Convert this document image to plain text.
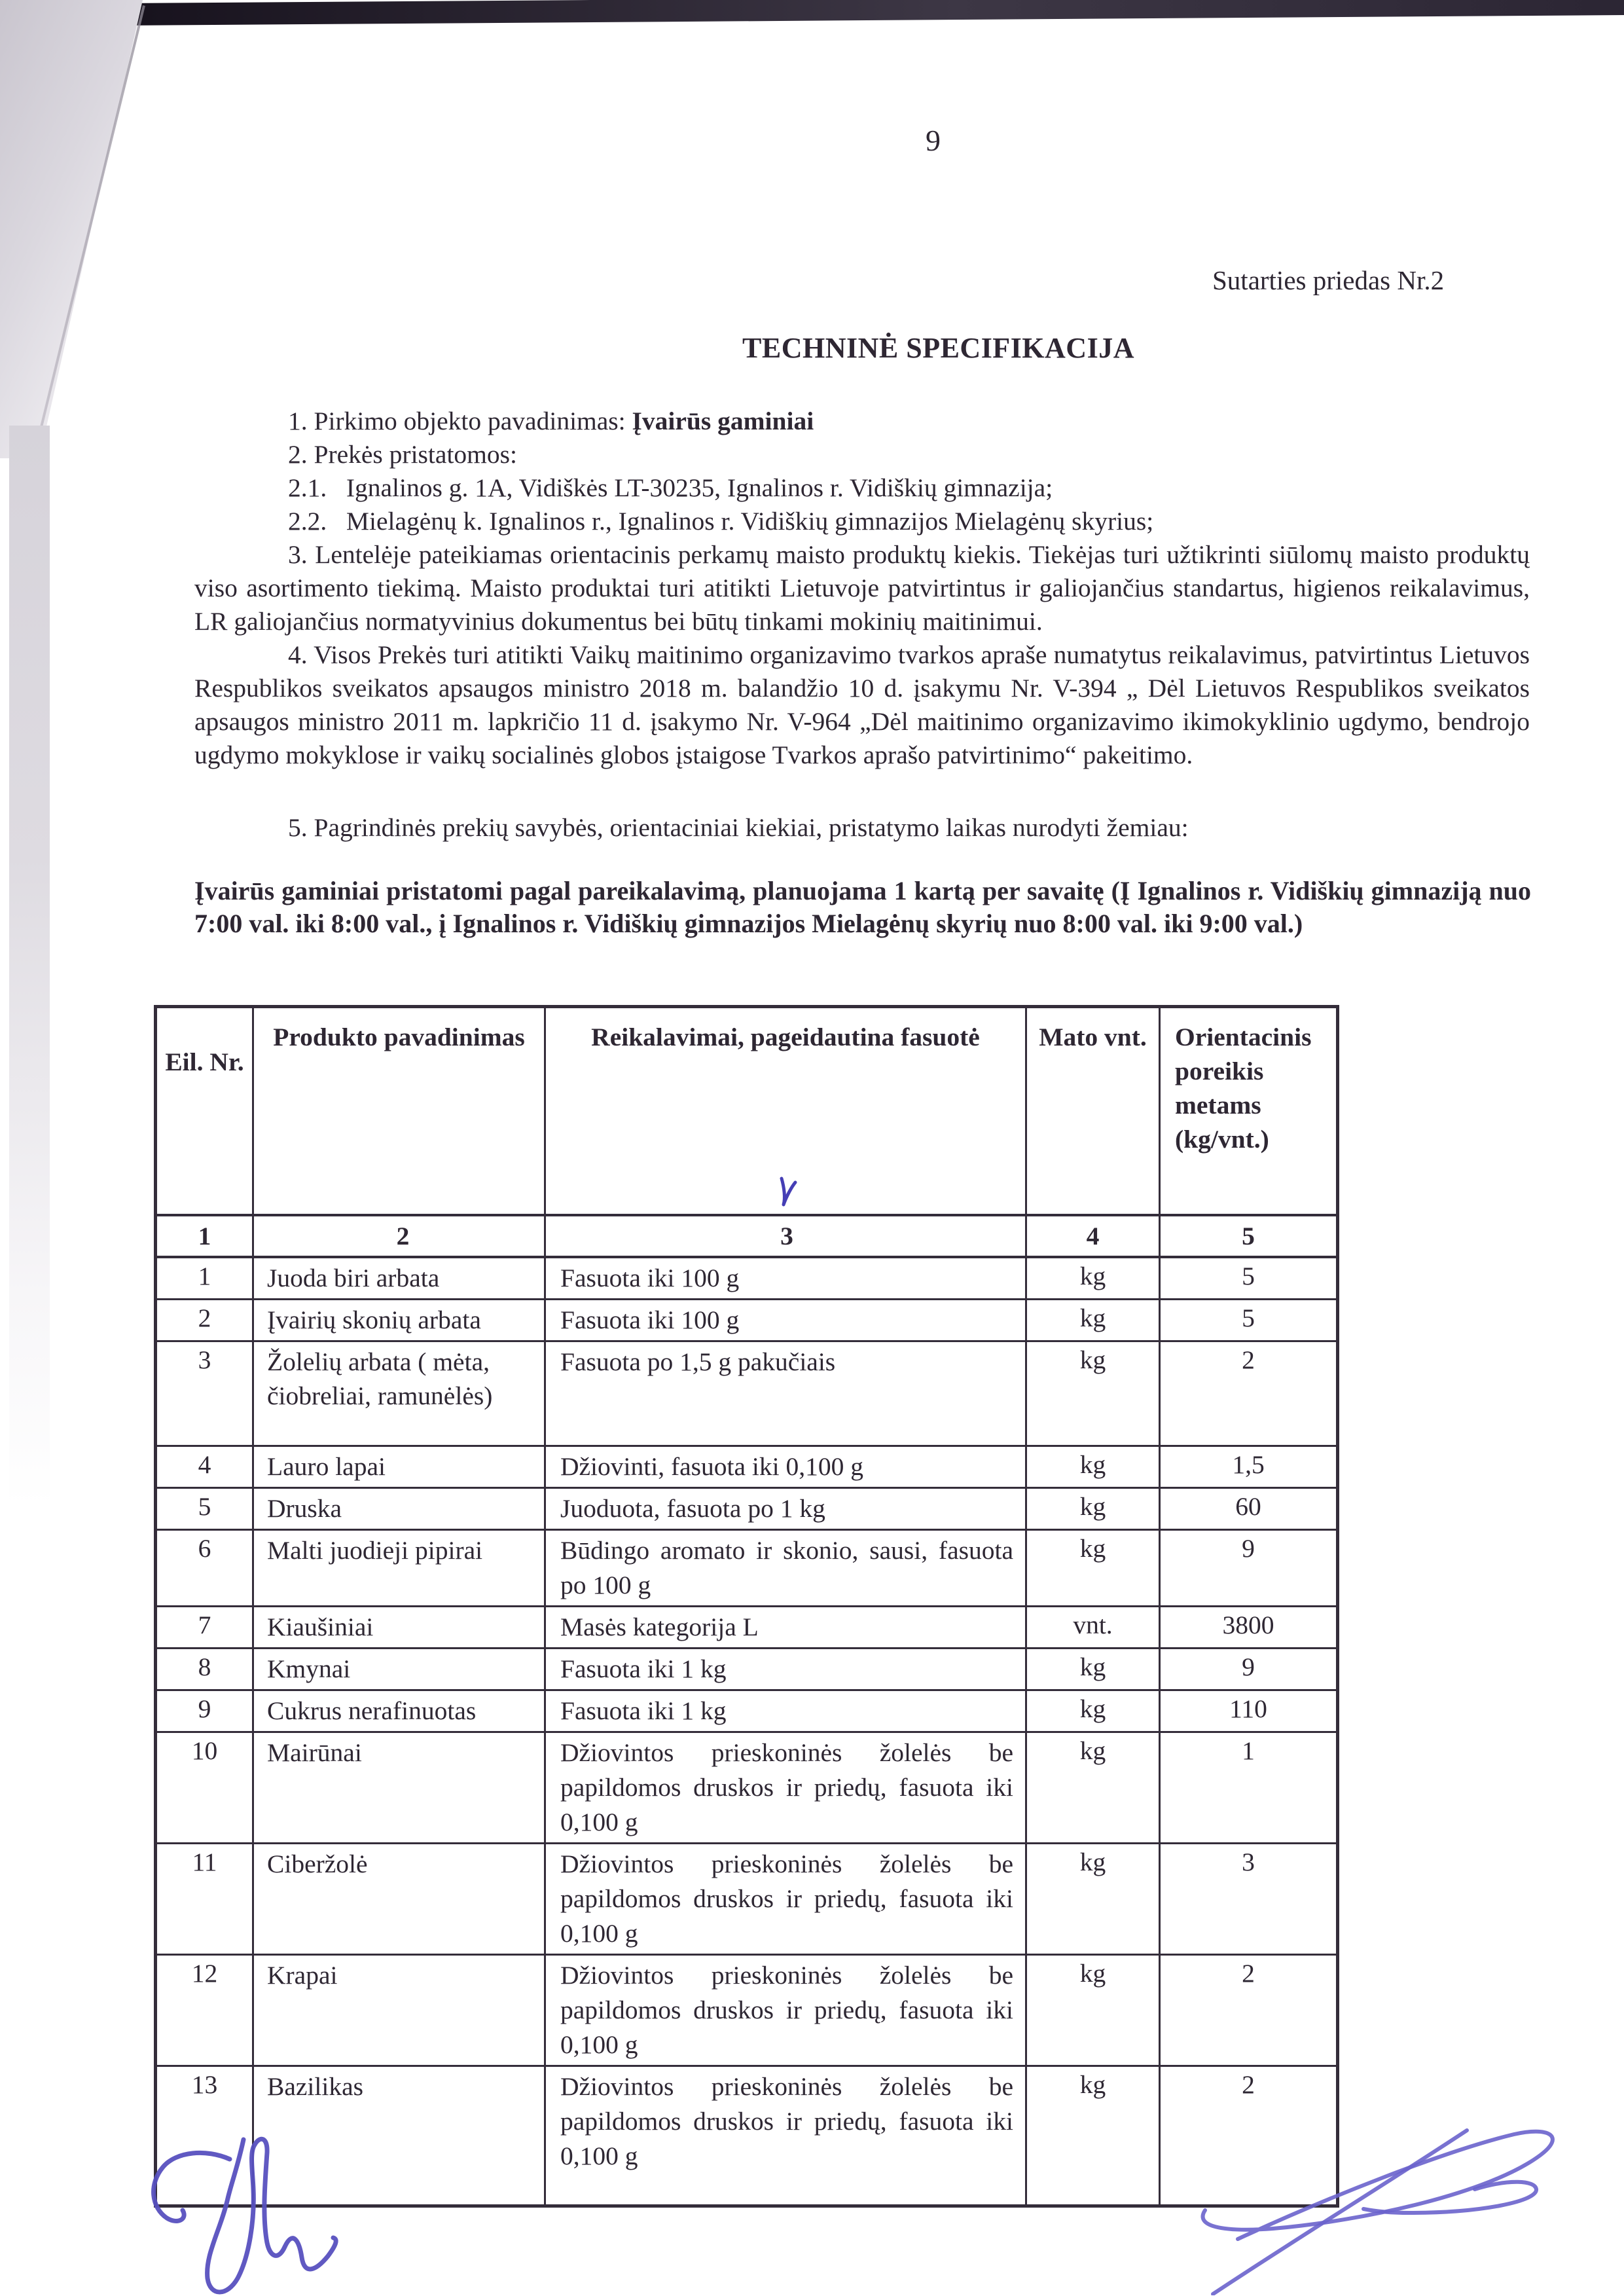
9
Sutarties priedas Nr.2
TECHNINĖ SPECIFIKACIJA

1. Pirkimo objekto pavadinimas: Įvairūs gaminiai

2. Prekės pristatomos:

2.1.   Ignalinos g. 1A, Vidiškės LT-30235, Ignalinos r. Vidiškių gimnazija;

2.2.   Mielagėnų k. Ignalinos r., Ignalinos r. Vidiškių gimnazijos Mielagėnų skyrius;

3. Lentelėje pateikiamas orientacinis perkamų maisto produktų kiekis. Tiekėjas turi užtikrinti siūlomų maisto produktų viso asortimento tiekimą. Maisto produktai turi atitikti Lietuvoje patvirtintus ir galiojančius standartus, higienos reikalavimus, LR galiojančius normatyvinius dokumentus bei būtų tinkami mokinių maitinimui.

4. Visos Prekės turi atitikti Vaikų maitinimo organizavimo tvarkos apraše numatytus reikalavimus, patvirtintus Lietuvos Respublikos sveikatos apsaugos ministro 2018 m. balandžio 10 d. įsakymu Nr. V-394 „ Dėl Lietuvos Respublikos sveikatos apsaugos ministro 2011 m. lapkričio 11 d. įsakymo Nr. V-964 „Dėl maitinimo organizavimo ikimokyklinio ugdymo, bendrojo ugdymo mokyklose ir vaikų socialinės globos įstaigose Tvarkos aprašo patvirtinimo“ pakeitimo.

5. Pagrindinės prekių savybės, orientaciniai kiekiai, pristatymo laikas nurodyti žemiau:

Įvairūs gaminiai pristatomi pagal pareikalavimą, planuojama 1 kartą per savaitę (Į Ignalinos r. Vidiškių gimnaziją nuo 7:00 val. iki 8:00 val., į Ignalinos r. Vidiškių gimnazijos Mielagėnų skyrių nuo 8:00 val. iki 9:00 val.)
Eil. Nr.	Produkto pavadinimas	Reikalavimai, pageidautina fasuotė	Mato vnt.	Orientacinis poreikis metams (kg/vnt.)
1	2	3	4	5
1	Juoda biri arbata	Fasuota iki 100 g	kg	5
2	Įvairių skonių arbata	Fasuota iki 100 g	kg	5
3	Žolelių arbata ( mėta, čiobreliai, ramunėlės)	Fasuota po 1,5 g pakučiais	kg	2
4	Lauro lapai	Džiovinti, fasuota iki 0,100 g	kg	1,5
5	Druska	Juoduota, fasuota po 1 kg	kg	60
6	Malti juodieji pipirai	Būdingo aromato ir skonio, sausi, fasuota po 100 g	kg	9
7	Kiaušiniai	Masės kategorija L	vnt.	3800
8	Kmynai	Fasuota iki 1 kg	kg	9
9	Cukrus nerafinuotas	Fasuota iki 1 kg	kg	110
10	Mairūnai	Džiovintos prieskoninės žolelės be papildomos druskos ir priedų, fasuota iki 0,100 g	kg	1
11	Ciberžolė	Džiovintos prieskoninės žolelės be papildomos druskos ir priedų, fasuota iki 0,100 g	kg	3
12	Krapai	Džiovintos prieskoninės žolelės be papildomos druskos ir priedų, fasuota iki 0,100 g	kg	2
13	Bazilikas	Džiovintos prieskoninės žolelės be papildomos druskos ir priedų, fasuota iki 0,100 g	kg	2
